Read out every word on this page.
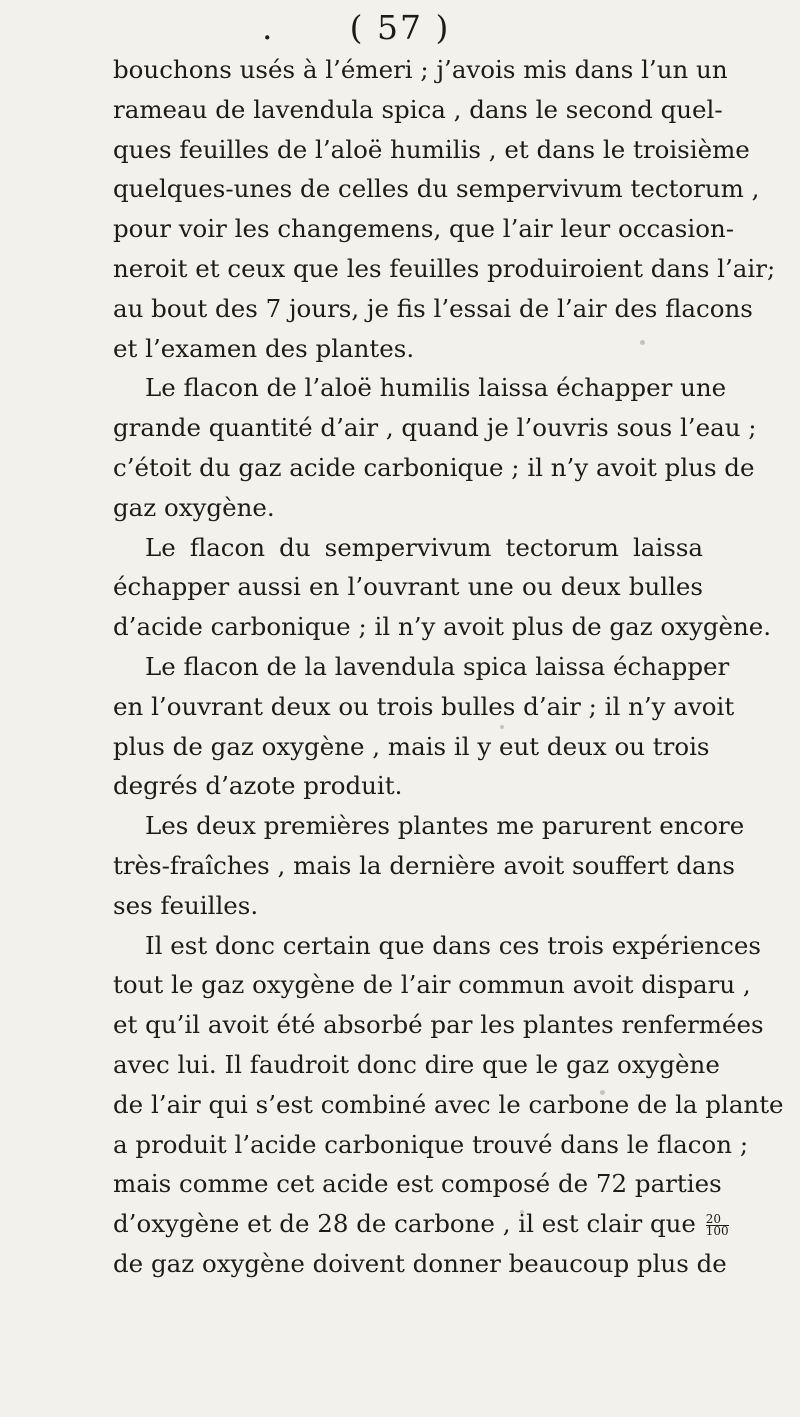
. ( 57 )
bouchons usés à l’émeri ; j’avois mis dans l’un un
rameau de lavendula spica , dans le second quel-
ques feuilles de l’aloë humilis , et dans le troisième
quelques-unes de celles du sempervivum tectorum ,
pour voir les changemens, que l’air leur occasion-
neroit et ceux que les feuilles produiroient dans l’air;
au bout des 7 jours, je fis l’essai de l’air des flacons
et l’examen des plantes.
Le flacon de l’aloë humilis laissa échapper une
grande quantité d’air , quand je l’ouvris sous l’eau ;
c’étoit du gaz acide carbonique ; il n’y avoit plus de
gaz oxygène.
Le flacon du sempervivum tectorum laissa
échapper aussi en l’ouvrant une ou deux bulles
d’acide carbonique ; il n’y avoit plus de gaz oxygène.
Le flacon de la lavendula spica laissa échapper
en l’ouvrant deux ou trois bulles d’air ; il n’y avoit
plus de gaz oxygène , mais il y eut deux ou trois
degrés d’azote produit.
Les deux premières plantes me parurent encore
très-fraîches , mais la dernière avoit souffert dans
ses feuilles.
Il est donc certain que dans ces trois expériences
tout le gaz oxygène de l’air commun avoit disparu ,
et qu’il avoit été absorbé par les plantes renfermées
avec lui. Il faudroit donc dire que le gaz oxygène
de l’air qui s’est combiné avec le carbone de la plante
a produit l’acide carbonique trouvé dans le flacon ;
mais comme cet acide est composé de 72 parties
d’oxygène et de 28 de carbone , il est clair que $\frac{20}{100}$
de gaz oxygène doivent donner beaucoup plus de
